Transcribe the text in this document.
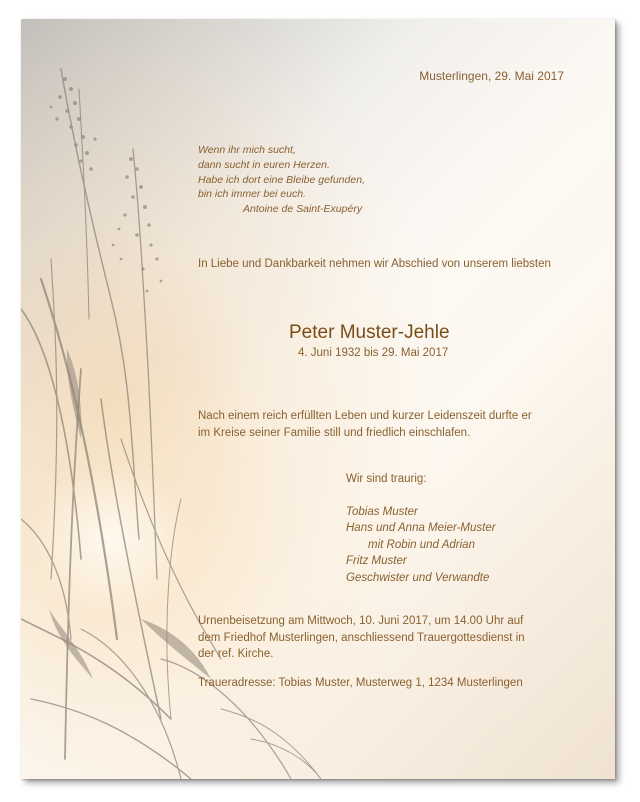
Musterlingen, 29. Mai 2017
Wenn ihr mich sucht,
dann sucht in euren Herzen.
Habe ich dort eine Bleibe gefunden,
bin ich immer bei euch.
Antoine de Saint-Exupéry
In Liebe und Dankbarkeit nehmen wir Abschied von unserem liebsten
Peter Muster-Jehle
4. Juni 1932 bis 29. Mai 2017
Nach einem reich erfüllten Leben und kurzer Leidenszeit durfte er
im Kreise seiner Familie still und friedlich einschlafen.
Wir sind traurig:
Tobias Muster
Hans und Anna Meier-Muster
mit Robin und Adrian
Fritz Muster
Geschwister und Verwandte
Urnenbeisetzung am Mittwoch, 10. Juni 2017, um 14.00 Uhr auf
dem Friedhof Musterlingen, anschliessend Trauergottesdienst in
der ref. Kirche.
Traueradresse: Tobias Muster, Musterweg 1, 1234 Musterlingen
